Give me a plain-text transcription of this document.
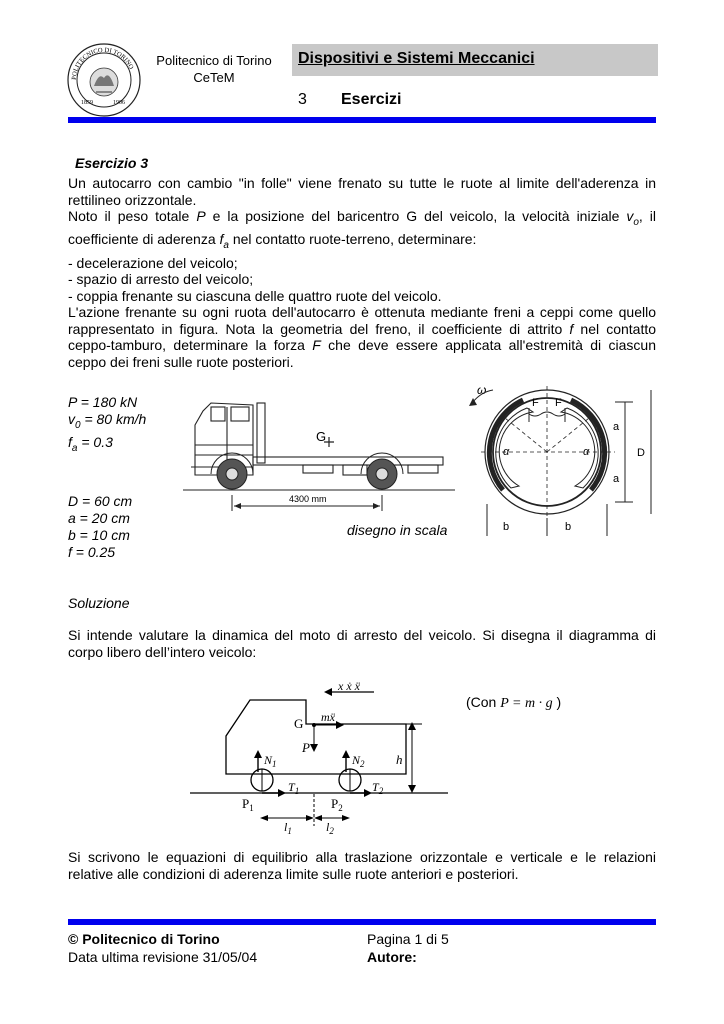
POLITECNICO DI TORINO
1859	1906
Politecnico di Torino
CeTeM
Dispositivi e Sistemi Meccanici
3 Esercizi
Esercizio 3
Un autocarro con cambio "in folle" viene frenato su tutte le ruote al limite dell'aderenza in rettilineo orizzontale.
Noto il peso totale P e la posizione del baricentro G del veicolo, la velocità iniziale $v_o$, il coefficiente di aderenza $f_a$ nel contatto ruote-terreno, determinare:
- decelerazione del veicolo;
- spazio di arresto del veicolo;
- coppia frenante su ciascuna delle quattro ruote del veicolo.
L'azione frenante su ogni ruota dell'autocarro è ottenuta mediante freni a ceppi come quello rappresentato in figura. Nota la geometria del freno, il coefficiente di attrito f nel contatto ceppo-tamburo, determinare la forza F che deve essere applicata all'estremità di ciascun ceppo dei freni sulle ruote posteriori.
P = 180 kN
$v_0 = 80$ km/h
$f_a = 0.3$
D = 60 cm
a = 20 cm
b = 10 cm
f = 0.25
G
4300 mm
disegno in scala
ω
F F
α	α
a
a
D
b	b
Soluzione
Si intende valutare la dinamica del moto di arresto del veicolo. Si disegna il diagramma di corpo libero dell’intero veicolo:
x ẋ ẍ
G mẍ
P
$N_1$	$N_2$
$T_1$	$T_2$
h
$P_1$	$P_2$
$l_1$	$l_2$
(Con P = m · g )
Si scrivono le equazioni di equilibrio alla traslazione orizzontale e verticale e le relazioni relative alle condizioni di aderenza limite sulle ruote anteriori e posteriori.
© Politecnico di Torino
Data ultima revisione 31/05/04
Pagina 1 di 5
Autore:
